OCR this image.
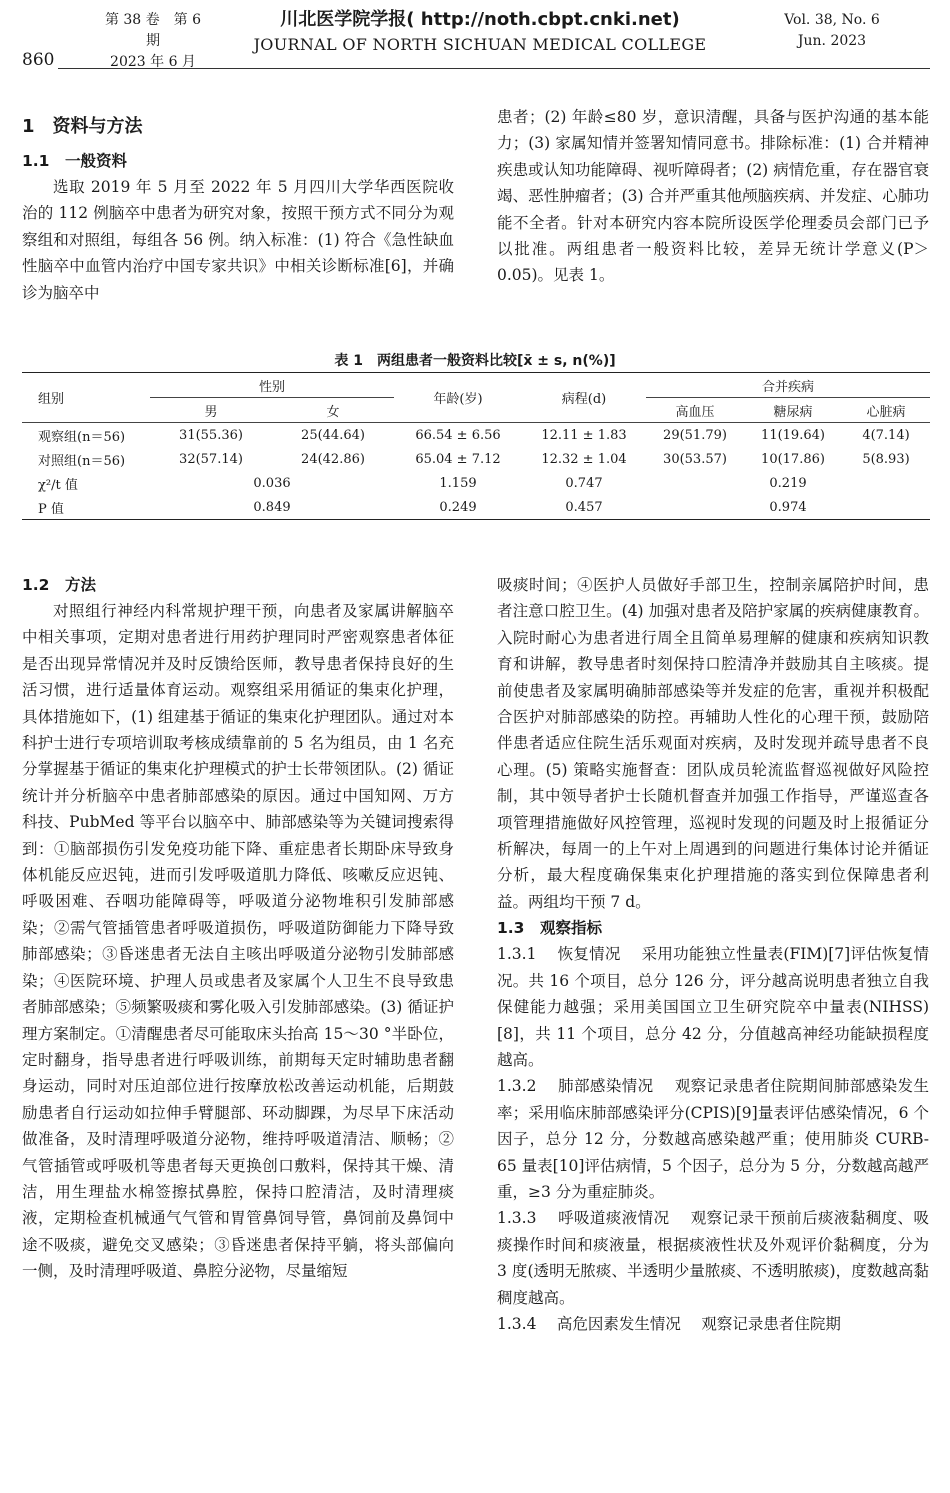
860
第 38 卷　第 6 期
2023 年 6 月
川北医学院学报( http://noth.cbpt.cnki.net)
JOURNAL OF NORTH SICHUAN MEDICAL COLLEGE
Vol. 38, No. 6
Jun. 2023
1　资料与方法
1.1　一般资料

选取 2019 年 5 月至 2022 年 5 月四川大学华西医院收治的 112 例脑卒中患者为研究对象，按照干预方式不同分为观察组和对照组，每组各 56 例。纳入标准：(1) 符合《急性缺血性脑卒中血管内治疗中国专家共识》中相关诊断标准[6]，并确诊为脑卒中

患者；(2) 年龄≤80 岁，意识清醒，具备与医护沟通的基本能力；(3) 家属知情并签署知情同意书。排除标准：(1) 合并精神疾患或认知功能障碍、视听障碍者；(2) 病情危重，存在器官衰竭、恶性肿瘤者；(3) 合并严重其他颅脑疾病、并发症、心肺功能不全者。针对本研究内容本院所设医学伦理委员会部门已予以批准。两组患者一般资料比较，差异无统计学意义(P＞0.05)。见表 1。

表 1　两组患者一般资料比较[x̄ ± s, n(%)]
组别	性别		年龄(岁)	病程(d)	合并疾病		
	男	女			高血压	糖尿病	心脏病
观察组(n＝56)	31(55.36)	25(44.64)	66.54 ± 6.56	12.11 ± 1.83	29(51.79)	11(19.64)	4(7.14)
对照组(n＝56)	32(57.14)	24(42.86)	65.04 ± 7.12	12.32 ± 1.04	30(53.57)	10(17.86)	5(8.93)
χ²/t 值	0.036		1.159	0.747	0.219		
P 值	0.849		0.249	0.457	0.974		
1.2　方法

对照组行神经内科常规护理干预，向患者及家属讲解脑卒中相关事项，定期对患者进行用药护理同时严密观察患者体征是否出现异常情况并及时反馈给医师，教导患者保持良好的生活习惯，进行适量体育运动。观察组采用循证的集束化护理，具体措施如下，(1) 组建基于循证的集束化护理团队。通过对本科护士进行专项培训取考核成绩靠前的 5 名为组员，由 1 名充分掌握基于循证的集束化护理模式的护士长带领团队。(2) 循证统计并分析脑卒中患者肺部感染的原因。通过中国知网、万方科技、PubMed 等平台以脑卒中、肺部感染等为关键词搜索得到：①脑部损伤引发免疫功能下降、重症患者长期卧床导致身体机能反应迟钝，进而引发呼吸道肌力降低、咳嗽反应迟钝、呼吸困难、吞咽功能障碍等，呼吸道分泌物堆积引发肺部感染；②需气管插管患者呼吸道损伤，呼吸道防御能力下降导致肺部感染；③昏迷患者无法自主咳出呼吸道分泌物引发肺部感染；④医院环境、护理人员或患者及家属个人卫生不良导致患者肺部感染；⑤频繁吸痰和雾化吸入引发肺部感染。(3) 循证护理方案制定。①清醒患者尽可能取床头抬高 15～30 °半卧位，定时翻身，指导患者进行呼吸训练，前期每天定时辅助患者翻身运动，同时对压迫部位进行按摩放松改善运动机能，后期鼓励患者自行运动如拉伸手臂腿部、环动脚踝，为尽早下床活动做准备，及时清理呼吸道分泌物，维持呼吸道清洁、顺畅；②气管插管或呼吸机等患者每天更换创口敷料，保持其干燥、清洁，用生理盐水棉签擦拭鼻腔，保持口腔清洁，及时清理痰液，定期检查机械通气气管和胃管鼻饲导管，鼻饲前及鼻饲中途不吸痰，避免交叉感染；③昏迷患者保持平躺，将头部偏向一侧，及时清理呼吸道、鼻腔分泌物，尽量缩短

吸痰时间；④医护人员做好手部卫生，控制亲属陪护时间，患者注意口腔卫生。(4) 加强对患者及陪护家属的疾病健康教育。入院时耐心为患者进行周全且简单易理解的健康和疾病知识教育和讲解，教导患者时刻保持口腔清净并鼓励其自主咳痰。提前使患者及家属明确肺部感染等并发症的危害，重视并积极配合医护对肺部感染的防控。再辅助人性化的心理干预，鼓励陪伴患者适应住院生活乐观面对疾病，及时发现并疏导患者不良心理。(5) 策略实施督查：团队成员轮流监督巡视做好风险控制，其中领导者护士长随机督查并加强工作指导，严谨巡查各项管理措施做好风控管理，巡视时发现的问题及时上报循证分析解决，每周一的上午对上周遇到的问题进行集体讨论并循证分析，最大程度确保集束化护理措施的落实到位保障患者利益。两组均干预 7 d。

1.3　观察指标

1.3.1　 恢复情况　 采用功能独立性量表(FIM)[7]评估恢复情况。共 16 个项目，总分 126 分，评分越高说明患者独立自我保健能力越强；采用美国国立卫生研究院卒中量表(NIHSS)[8]，共 11 个项目，总分 42 分，分值越高神经功能缺损程度越高。

1.3.2　 肺部感染情况　 观察记录患者住院期间肺部感染发生率；采用临床肺部感染评分(CPIS)[9]量表评估感染情况，6 个因子，总分 12 分，分数越高感染越严重；使用肺炎 CURB-65 量表[10]评估病情，5 个因子，总分为 5 分，分数越高越严重，≥3 分为重症肺炎。

1.3.3　 呼吸道痰液情况　 观察记录干预前后痰液黏稠度、吸痰操作时间和痰液量，根据痰液性状及外观评价黏稠度，分为 3 度(透明无脓痰、半透明少量脓痰、不透明脓痰)，度数越高黏稠度越高。

1.3.4　 高危因素发生情况　 观察记录患者住院期
